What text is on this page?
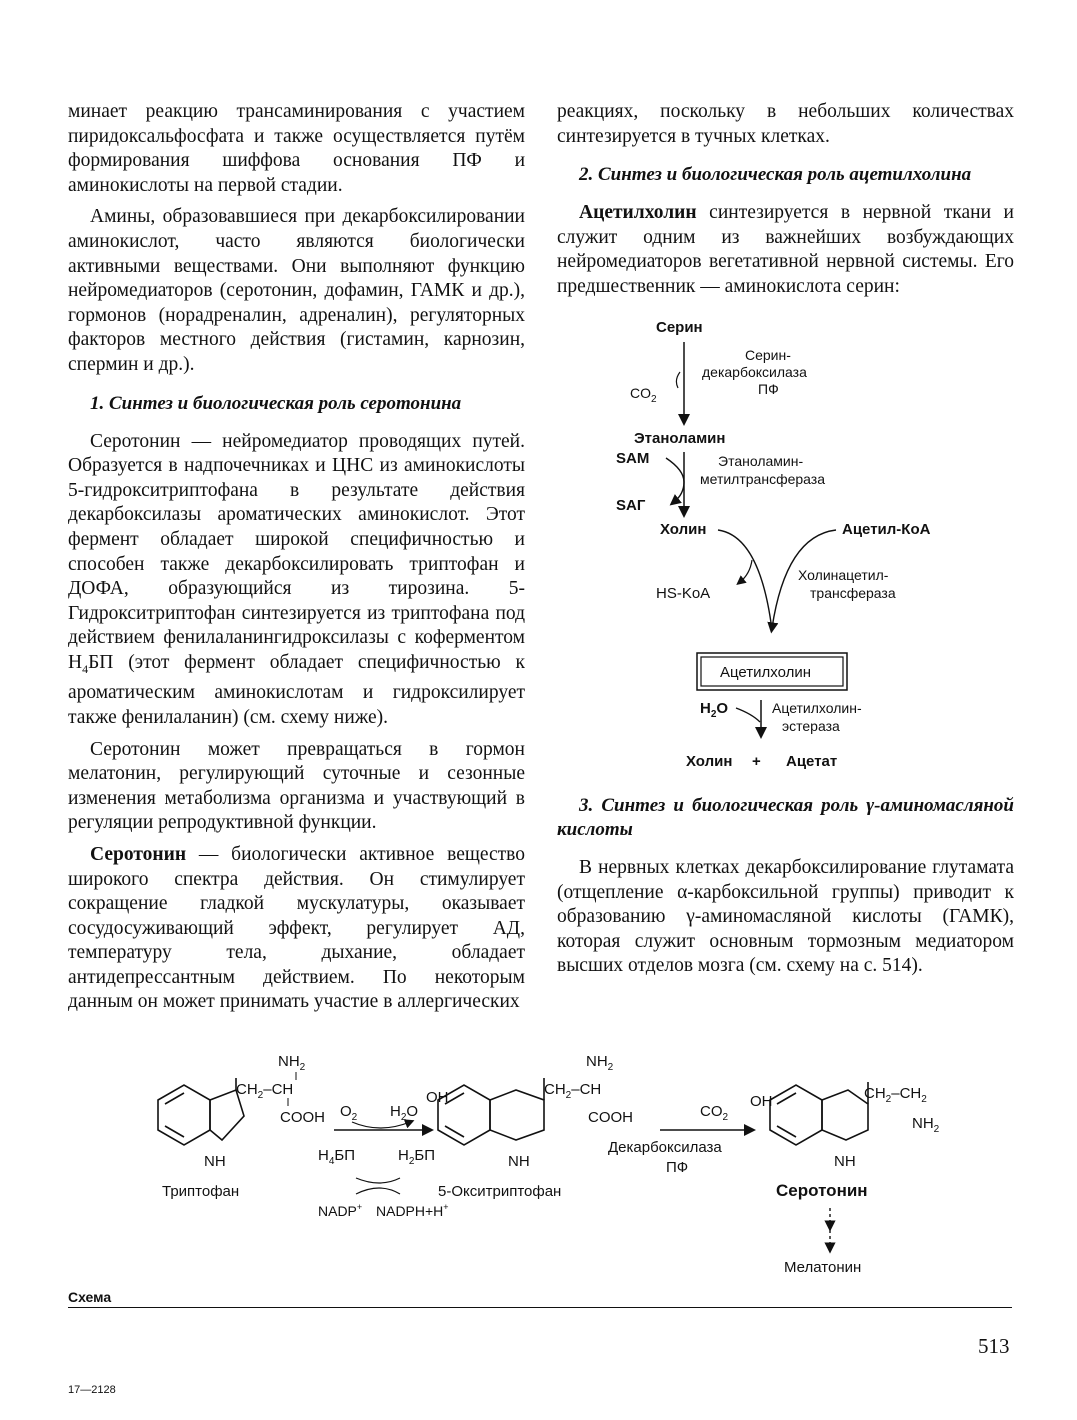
минает реакцию трансаминирования с участием пиридоксальфосфата и также осуществляется путём формирования шиффова основания ПФ и аминокислоты на первой стадии.

Амины, образовавшиеся при декарбоксилировании аминокислот, часто являются биологически активными веществами. Они выполняют функцию нейромедиаторов (серотонин, дофамин, ГАМК и др.), гормонов (норадреналин, адреналин), регуляторных факторов местного действия (гистамин, карнозин, спермин и др.).

1. Синтез и биологическая роль серотонина

Серотонин — нейромедиатор проводящих путей. Образуется в надпочечниках и ЦНС из аминокислоты 5-гидрокситриптофана в результате действия декарбоксилазы ароматических аминокислот. Этот фермент обладает широкой специфичностью и способен также декарбоксилировать триптофан и ДОФА, образующийся из тирозина. 5-Гидрокситриптофан синтезируется из триптофана под действием фенилаланингидроксилазы с коферментом $Н_4БП$ (этот фермент обладает специфичностью к ароматическим аминокислотам и гидроксилирует также фенилаланин) (см. схему ниже).

Серотонин может превращаться в гормон мелатонин, регулирующий суточные и сезонные изменения метаболизма организма и участвующий в регуляции репродуктивной функции.

Серотонин — биологически активное вещество широкого спектра действия. Он стимулирует сокращение гладкой мускулатуры, оказывает сосудосуживающий эффект, регулирует АД, температуру тела, дыхание, обладает антидепрессантным действием. По некоторым данным он может принимать участие в аллергических

реакциях, поскольку в небольших количествах синтезируется в тучных клетках.

2. Синтез и биологическая роль ацетилхолина

Ацетилхолин синтезируется в нервной ткани и служит одним из важнейших возбуждающих нейромедиаторов вегетативной нервной системы. Его предшественник — аминокислота серин:

Серин
$CO_2$
Серин-
декарбоксилаза
ПФ
Этаноламин
SAM
SAГ
Этаноламин-
метилтрансфераза
Холин	Ацетил-КоА
HS-KoA
Холинацетил-
трансфераза
Ацетилхолин
$H_2O$	Ацетилхолин-
эстераза
Холин + Ацетат
3. Синтез и биологическая роль γ-аминомасляной кислоты

В нервных клетках декарбоксилирование глутамата (отщепление α-карбоксильной группы) приводит к образованию γ-аминомасляной кислоты (ГАМК), которая служит основным тормозным медиатором высших отделов мозга (см. схему на с. 514).

$NH_2$
$CH_2-CH$
COOH
NH
Триптофан
$O_2$ $H_2O$
$H_4БП$	$H_2БП$
NADP+ NADPH+H+
OH
$NH_2$
$CH_2-CH$
COOH
NH
5-Окситриптофан
$CO_2$
Декарбоксилаза
ПФ
OH	$CH_2-CH_2$
$NH_2$
NH
Серотонин
Мелатонин
Схема
513
17—2128
